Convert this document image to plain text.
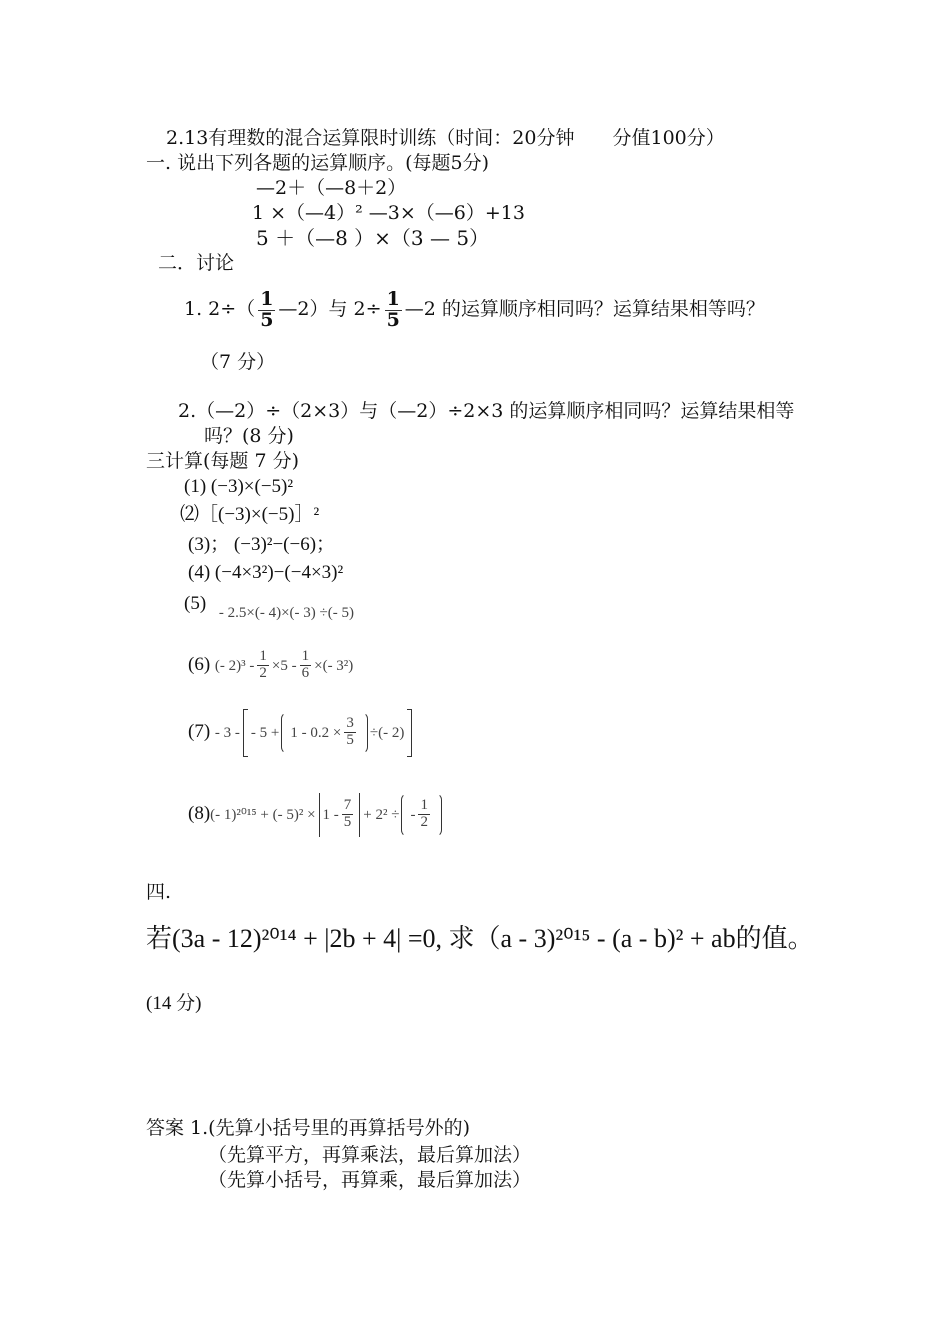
2.13有理数的混合运算限时训练（时间：20分钟　　分值100分）
一. 说出下列各题的运算顺序。(每题5分)
—2＋（—8＋2）
1 ×（—4）² —3×（—6）+13
5 ＋（—8 ）×（3 — 5）
二．讨论
1. $2\div( \frac{1}{5}$ —2）与 $2\div \frac{1}{5}$ —2 的运算顺序相同吗？运算结果相等吗？
（7 分）
2.（—2）÷（2×3）与（—2）÷2×3 的运算顺序相同吗？运算结果相等
吗？(8 分)
三计算(每题 7 分)
(1) (−3)×(−5)²
⑵［(−3)×(−5)］²
(3)； (−3)²−(−6)；
(4) (−4×3²)−(−4×3)²
(5) $_{- 2.5\times(- 4)\times(- 3) \div(- 5)}$
(6) (- $2)^3 - \frac{1}{2} \times 5 - \frac{1}{6}$ ×(- 3²)
(7) - 3 - - $5 + 1 - 0.2 \times \frac{3}{5}$ ÷(- 2)
(8)(- 1)²⁰¹⁵ + (- $5)^2 \times 1 - \frac{7}{5} + 2^2$ ÷ - $\frac{1}{2}$
四.
若(3a - 12)²⁰¹⁴ + |2b + 4| =0, 求（a - 3)²⁰¹⁵ - (a - b)² + ab的值。
(14 分)
答案 1.(先算小括号里的再算括号外的)
（先算平方，再算乘法，最后算加法）
（先算小括号，再算乘，最后算加法）
